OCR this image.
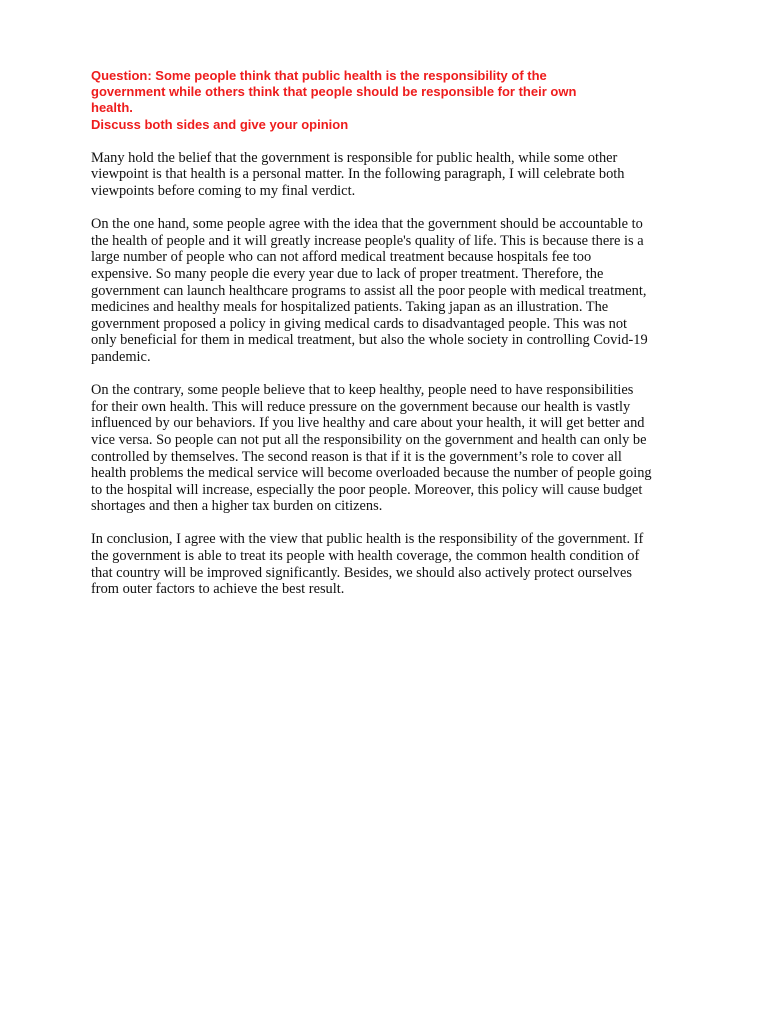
Question: Some people think that public health is the responsibility of the
government while others think that people should be responsible for their own
health.
Discuss both sides and give your opinion
Many hold the belief that the government is responsible for public health, while some other
viewpoint is that health is a personal matter. In the following paragraph, I will celebrate both
viewpoints before coming to my final verdict.
On the one hand, some people agree with the idea that the government should be accountable to
the health of people and it will greatly increase people's quality of life. This is because there is a
large number of people who can not afford medical treatment because hospitals fee too
expensive. So many people die every year due to lack of proper treatment. Therefore, the
government can launch healthcare programs to assist all the poor people with medical treatment,
medicines and healthy meals for hospitalized patients. Taking japan as an illustration. The
government proposed a policy in giving medical cards to disadvantaged people. This was not
only beneficial for them in medical treatment, but also the whole society in controlling Covid-19
pandemic.
On the contrary, some people believe that to keep healthy, people need to have responsibilities
for their own health. This will reduce pressure on the government because our health is vastly
influenced by our behaviors. If you live healthy and care about your health, it will get better and
vice versa. So people can not put all the responsibility on the government and health can only be
controlled by themselves. The second reason is that if it is the government’s role to cover all
health problems the medical service will become overloaded because the number of people going
to the hospital will increase, especially the poor people. Moreover, this policy will cause budget
shortages and then a higher tax burden on citizens.
In conclusion, I agree with the view that public health is the responsibility of the government. If
the government is able to treat its people with health coverage, the common health condition of
that country will be improved significantly. Besides, we should also actively protect ourselves
from outer factors to achieve the best result.
